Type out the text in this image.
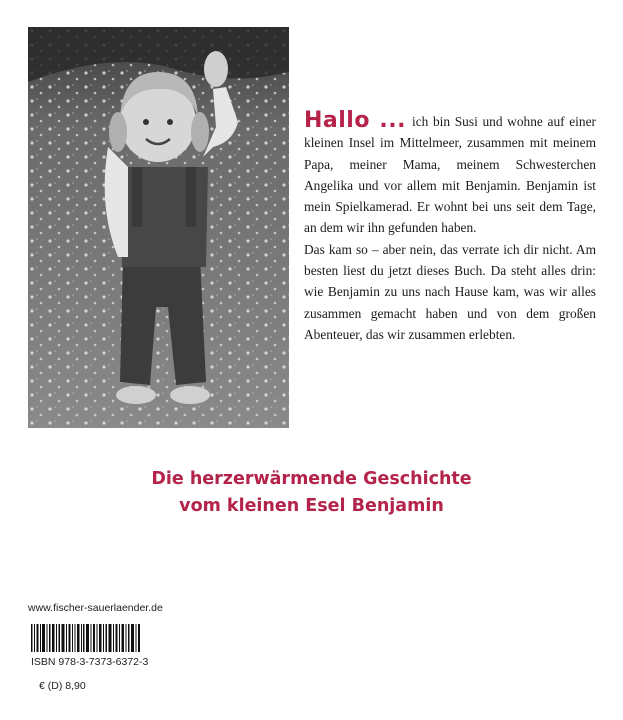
Hallo ... ich bin Susi und wohne auf einer kleinen Insel im Mittelmeer, zusammen mit meinem Papa, meiner Mama, meinem Schwesterchen Angelika und vor allem mit Benjamin. Benjamin ist mein Spielkamerad. Er wohnt bei uns seit dem Tage, an dem wir ihn gefunden haben.

Das kam so – aber nein, das verrate ich dir nicht. Am besten liest du jetzt dieses Buch. Da steht alles drin: wie Benjamin zu uns nach Hause kam, was wir alles zusammen gemacht haben und von dem großen Abenteuer, das wir zusammen erlebten.

Die herzerwärmende Geschichte
vom kleinen Esel Benjamin
www.fischer-sauerlaender.de
ISBN 978-3-7373-6372-3
€ (D) 8,90
